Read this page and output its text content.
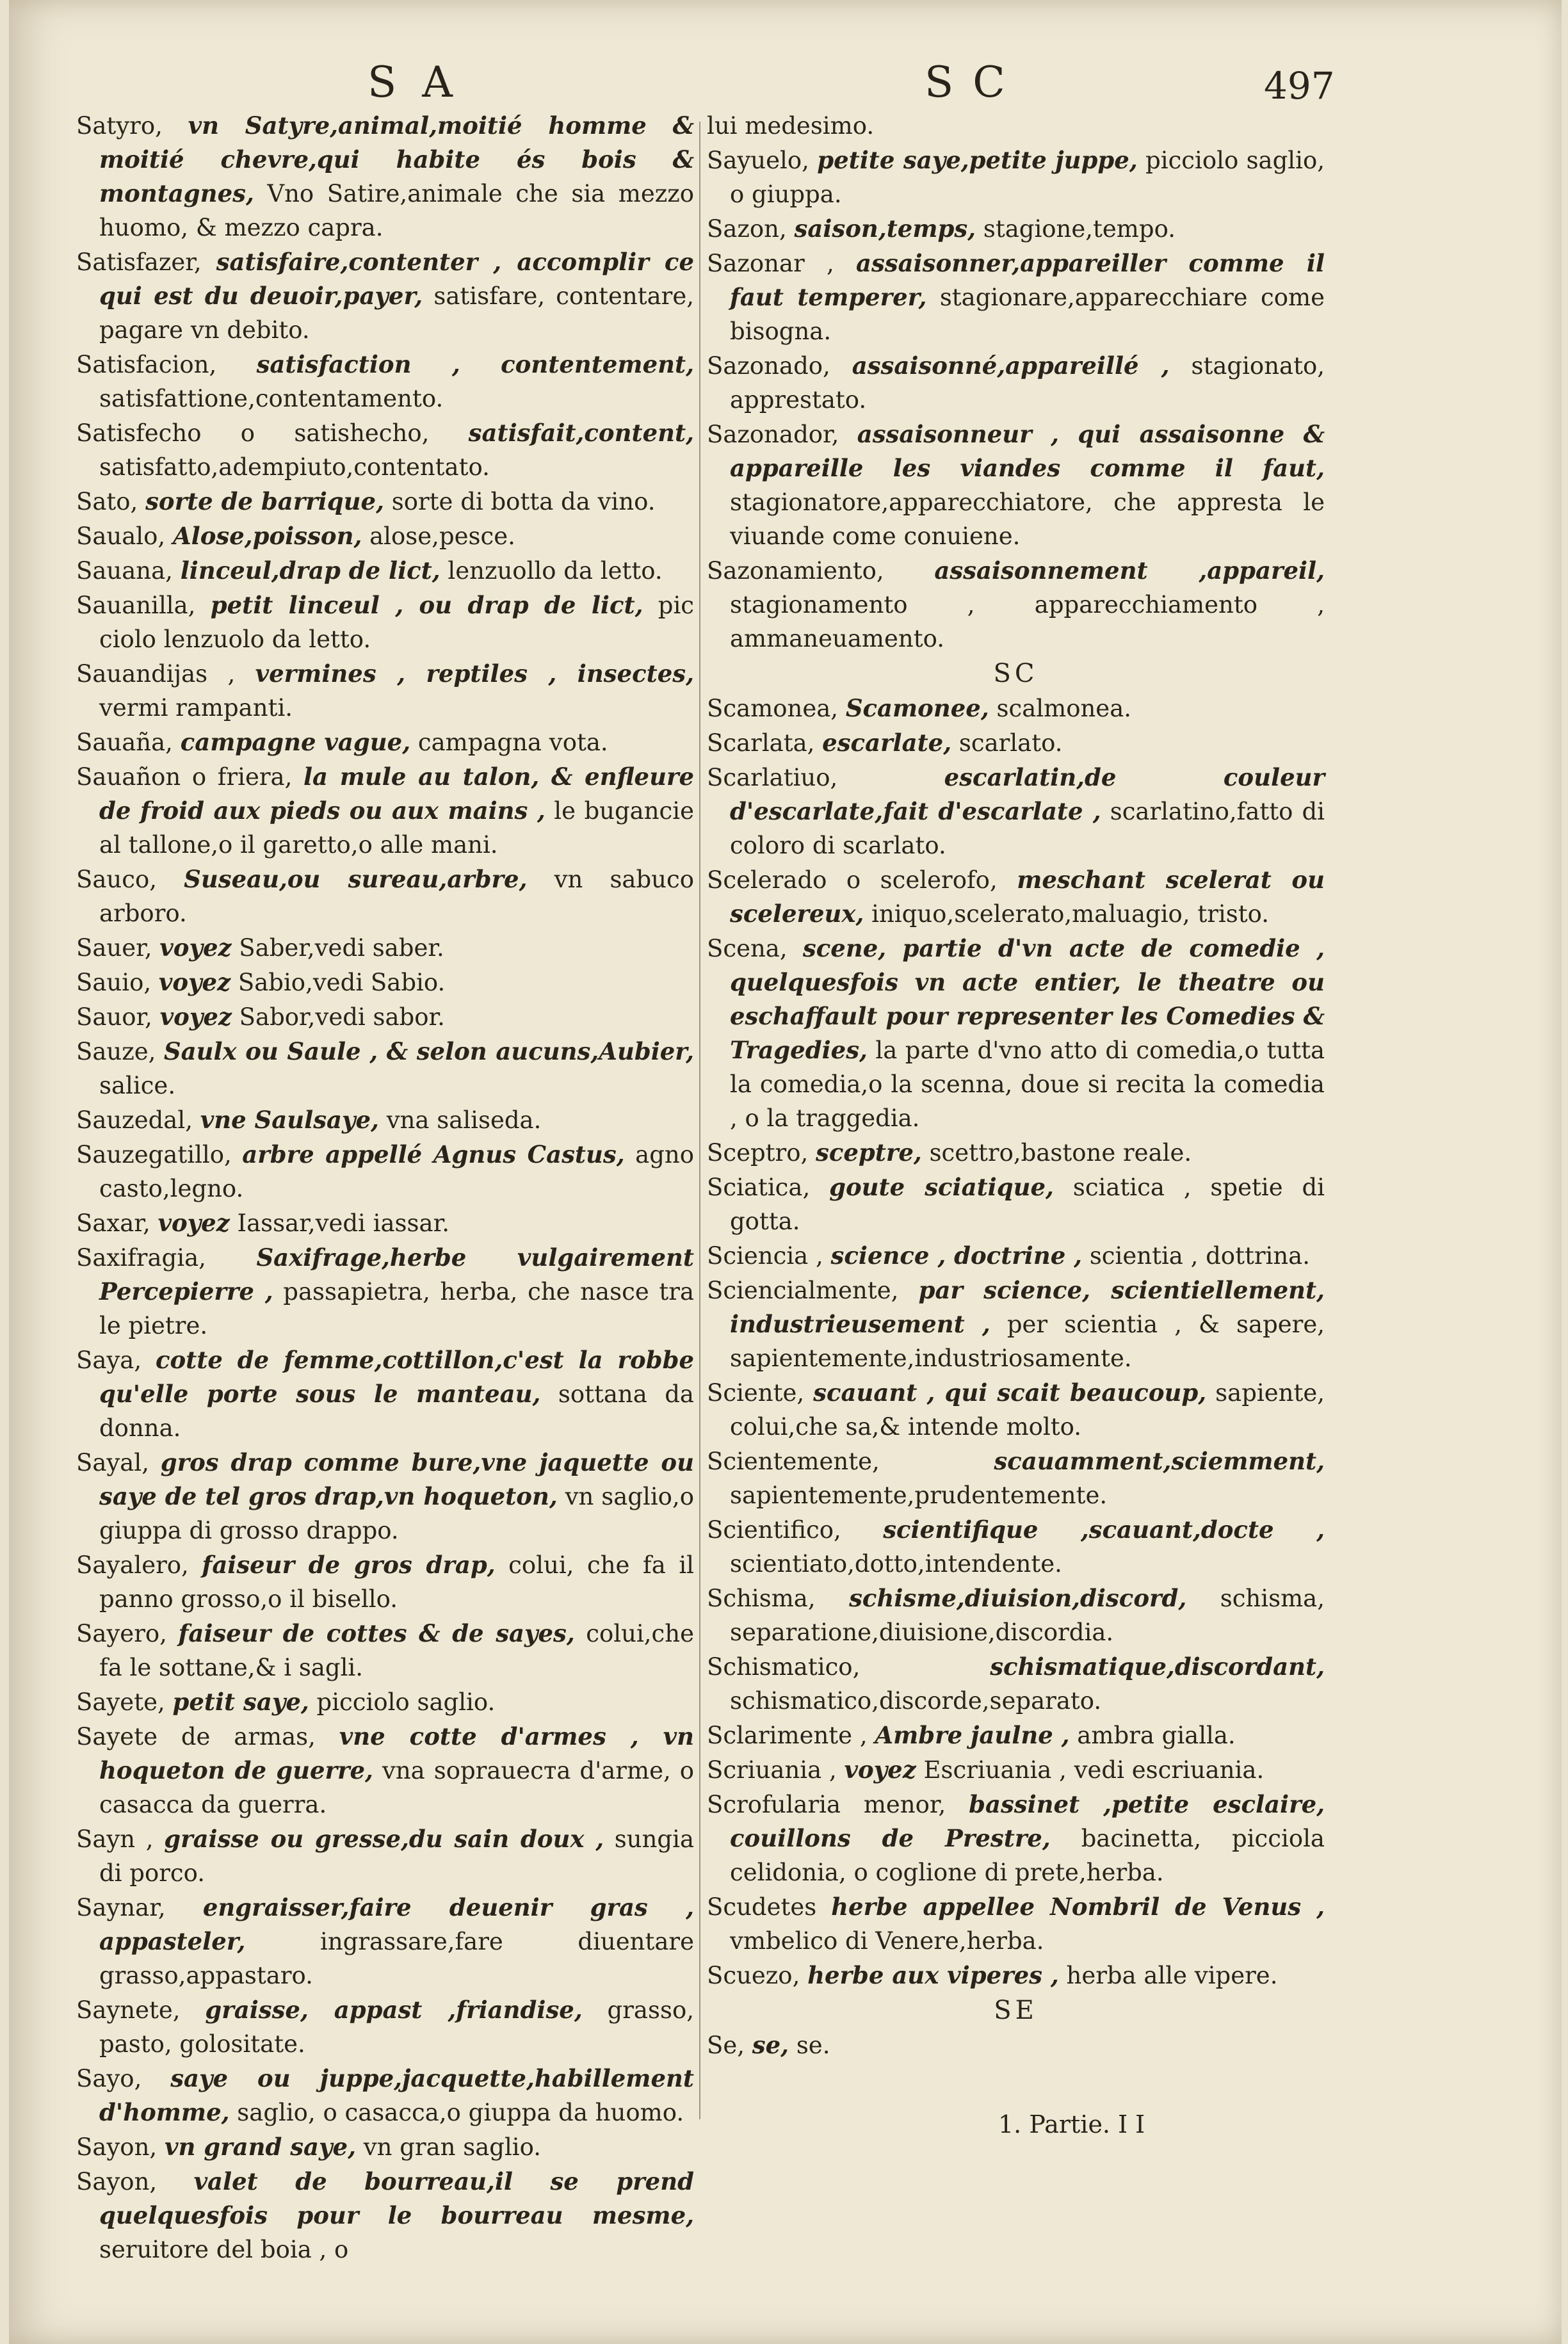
SA	SC	497
Satyro, vn Satyre,animal,moitié homme & moitié chevre,qui habite és bois & montagnes, Vno Satire,animale che sia mezzo huomo, & mezzo capra.
Satisfazer, satisfaire,contenter , accomplir ce qui est du deuoir,payer, satisfare, contentare, pagare vn debito.
Satisfacion, satisfaction , contentement, satisfattione,contentamento.
Satisfecho o satishecho, satisfait,content, satisfatto,adempiuto,contentato.
Sato, sorte de barrique, sorte di botta da vino.
Saualo, Alose,poisson, alose,pesce.
Sauana, linceul,drap de lict, lenzuollo da letto.
Sauanilla, petit linceul , ou drap de lict, pic ciolo lenzuolo da letto.
Sauandijas , vermines , reptiles , insectes, vermi rampanti.
Sauaña, campagne vague, campagna vota.
Sauañon o friera, la mule au talon, & enfleure de froid aux pieds ou aux mains , le bugancie al tallone,o il garetto,o alle mani.
Sauco, Suseau,ou sureau,arbre, vn sabuco arboro.
Sauer, voyez Saber,vedi saber.
Sauio, voyez Sabio,vedi Sabio.
Sauor, voyez Sabor,vedi sabor.
Sauze, Saulx ou Saule , & selon aucuns,Aubier, salice.
Sauzedal, vne Saulsaye, vna saliseda.
Sauzegatillo, arbre appellé Agnus Castus, agno casto,legno.
Saxar, voyez Iassar,vedi iassar.
Saxifragia, Saxifrage,herbe vulgairement Percepierre , passapietra, herba, che nasce tra le pietre.
Saya, cotte de femme,cottillon,c'est la robbe qu'elle porte sous le manteau, sottana da donna.
Sayal, gros drap comme bure,vne jaquette ou saye de tel gros drap,vn hoqueton, vn saglio,o giuppa di grosso drappo.
Sayalero, faiseur de gros drap, colui, che fa il panno grosso,o il bisello.
Sayero, faiseur de cottes & de sayes, colui,che fa le sottane,& i sagli.
Sayete, petit saye, picciolo saglio.
Sayete de armas, vne cotte d'armes , vn hoqueton de guerre, vna sopraueста d'arme, o casacca da guerra.
Sayn , graisse ou gresse,du sain doux , sungia di porco.
Saynar, engraisser,faire deuenir gras , appasteler,	ingrassare,fare diuentare grasso,appastaro.
Saynete, graisse, appast ,friandise, grasso, pasto, golositate.
Sayo, saye ou juppe,jacquette,habillement d'homme, saglio, o casacca,o giuppa da huomo.
Sayon, vn grand saye, vn gran saglio.
Sayon, valet de bourreau,il se prend quelquesfois pour le bourreau mesme, seruitore del boia , o
lui medesimo.
Sayuelo, petite saye,petite juppe, picciolo saglio, o giuppa.
Sazon, saison,temps, stagione,tempo.
Sazonar , assaisonner,appareiller comme il faut temperer, stagionare,apparecchiare come bisogna.
Sazonado, assaisonné,appareillé , stagionato, apprestato.
Sazonador, assaisonneur , qui assaisonne & appareille les viandes comme il faut, stagionatore,apparecchiatore, che apprеsta le viuande come conuiene.
Sazonamiento, assaisonnement ,appareil, stagionamento , apparecchiamento , ammaneuamento.
SC
Scamonea, Scamonee, scalmonea.
Scarlata, escarlate, scarlato.
Scarlatiuo,	escarlatin,de couleur d'escarlate,fait d'escarlate , scarlatino,fatto di coloro di scarlato.
Scelerado o scelerofo, meschant scelerat ou scelereux, iniquo,scelerato,maluagio, tristo.
Scena, scene, partie d'vn acte de comedie , quelquesfois vn acte entier, le theatre ou eschaffault pour representer les Comedies & Tragedies, la parte d'vno atto di comedia,o tutta la comedia,o la scenna, doue si recita la comedia , o la traggedia.
Sceptro, sceptre, scettro,bastone reale.
Sciatica, goute sciatique, sciatica , spetie di gotta.
Sciencia , science , doctrine , scientia , dottrina.
Sciencialmente, par science, scientiellement, industrieusement , per scientia , & sapere, sapientemente,industriosamente.
Sciente, scauant , qui scait beaucoup, sapiente, colui,che sa,& intende molto.
Scientemente,	scauamment,sciemment, sapientemente,prudentemente.
Scientifico, scientifique ,scauant,docte , scientiato,dotto,intendente.
Schisma, schisme,diuision,discord, schisma, separatione,diuisione,discordia.
Schismatico,	schismatique,discordant, schismatico,discorde,separato.
Sclarimente , Ambre jaulne , ambra gialla.
Scriuania , voyez Escriuania , vedi escriuania.
Scrofularia menor, bassinet ,petite esclaire, couillons de Prestre, bacinetta, picciola celidonia, o coglione di prete,herba.
Scudetes herbe appellee Nombril de Venus , vmbelico di Venere,herba.
Scuezo, herbe aux viperes , herba alle vipere.
SE
Se, se, se.
1. Partie. I I
